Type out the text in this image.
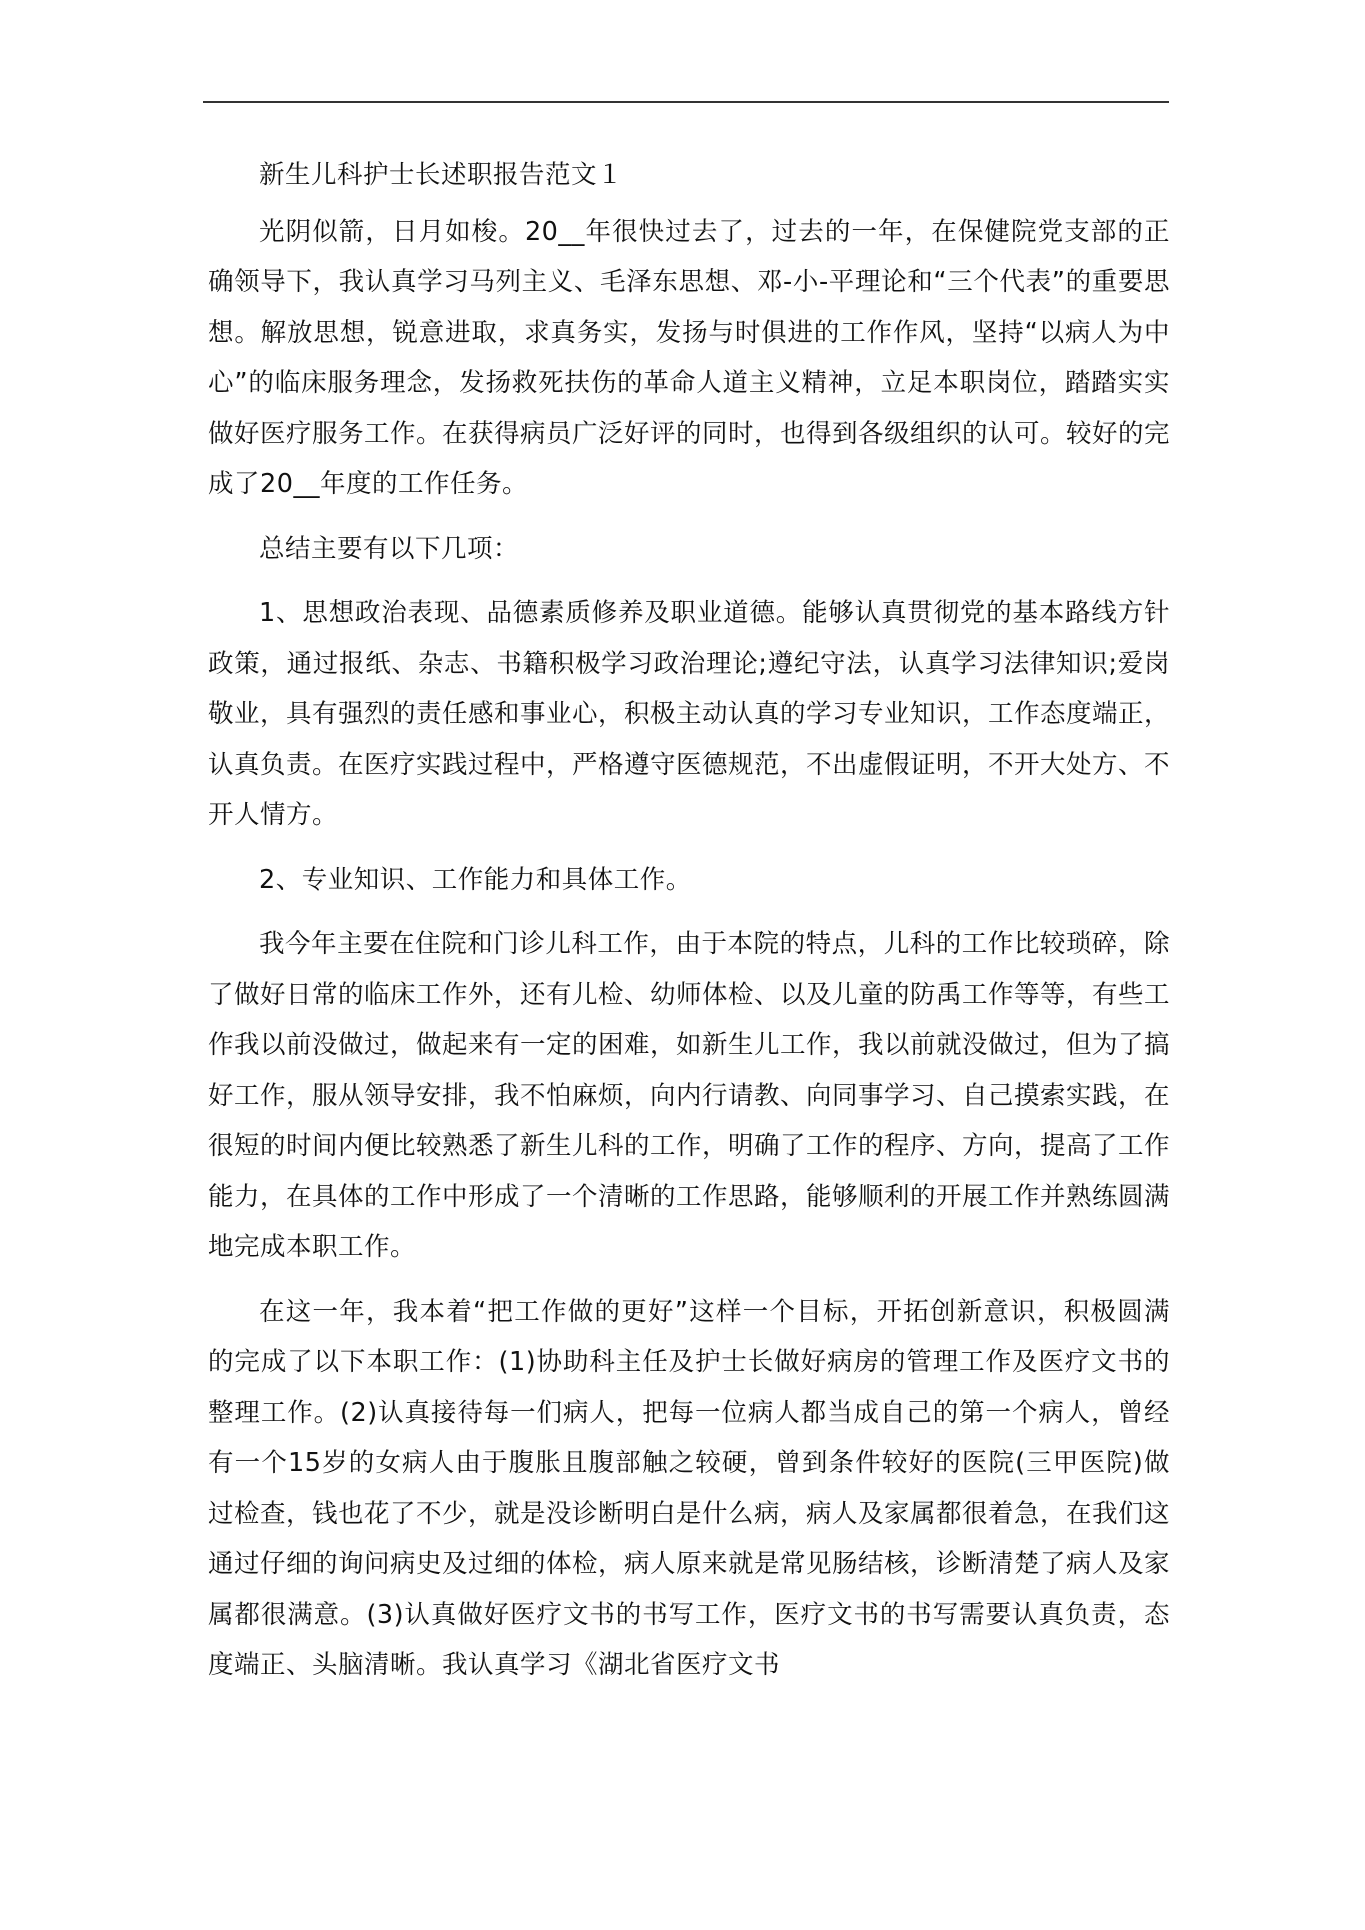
新生儿科护士长述职报告范文１

光阴似箭，日月如梭。20__年很快过去了，过去的一年，在保健院党支部的正确领导下，我认真学习马列主义、毛泽东思想、邓-小-平理论和“三个代表”的重要思想。解放思想，锐意进取，求真务实，发扬与时俱进的工作作风，坚持“以病人为中心”的临床服务理念，发扬救死扶伤的革命人道主义精神，立足本职岗位，踏踏实实做好医疗服务工作。在获得病员广泛好评的同时，也得到各级组织的认可。较好的完成了20__年度的工作任务。

总结主要有以下几项：

1、思想政治表现、品德素质修养及职业道德。能够认真贯彻党的基本路线方针政策，通过报纸、杂志、书籍积极学习政治理论;遵纪守法，认真学习法律知识;爱岗敬业，具有强烈的责任感和事业心，积极主动认真的学习专业知识，工作态度端正，认真负责。在医疗实践过程中，严格遵守医德规范，不出虚假证明，不开大处方、不开人情方。

2、专业知识、工作能力和具体工作。

我今年主要在住院和门诊儿科工作，由于本院的特点，儿科的工作比较琐碎，除了做好日常的临床工作外，还有儿检、幼师体检、以及儿童的防禹工作等等，有些工作我以前没做过，做起来有一定的困难，如新生儿工作，我以前就没做过，但为了搞好工作，服从领导安排，我不怕麻烦，向内行请教、向同事学习、自己摸索实践，在很短的时间内便比较熟悉了新生儿科的工作，明确了工作的程序、方向，提高了工作能力，在具体的工作中形成了一个清晰的工作思路，能够顺利的开展工作并熟练圆满地完成本职工作。

在这一年，我本着“把工作做的更好”这样一个目标，开拓创新意识，积极圆满的完成了以下本职工作：(1)协助科主任及护士长做好病房的管理工作及医疗文书的整理工作。(2)认真接待每一们病人，把每一位病人都当成自己的第一个病人，曾经有一个15岁的女病人由于腹胀且腹部触之较硬，曾到条件较好的医院(三甲医院)做过检查，钱也花了不少，就是没诊断明白是什么病，病人及家属都很着急，在我们这通过仔细的询问病史及过细的体检，病人原来就是常见肠结核，诊断清楚了病人及家属都很满意。(3)认真做好医疗文书的书写工作，医疗文书的书写需要认真负责，态度端正、头脑清晰。我认真学习《湖北省医疗文书
